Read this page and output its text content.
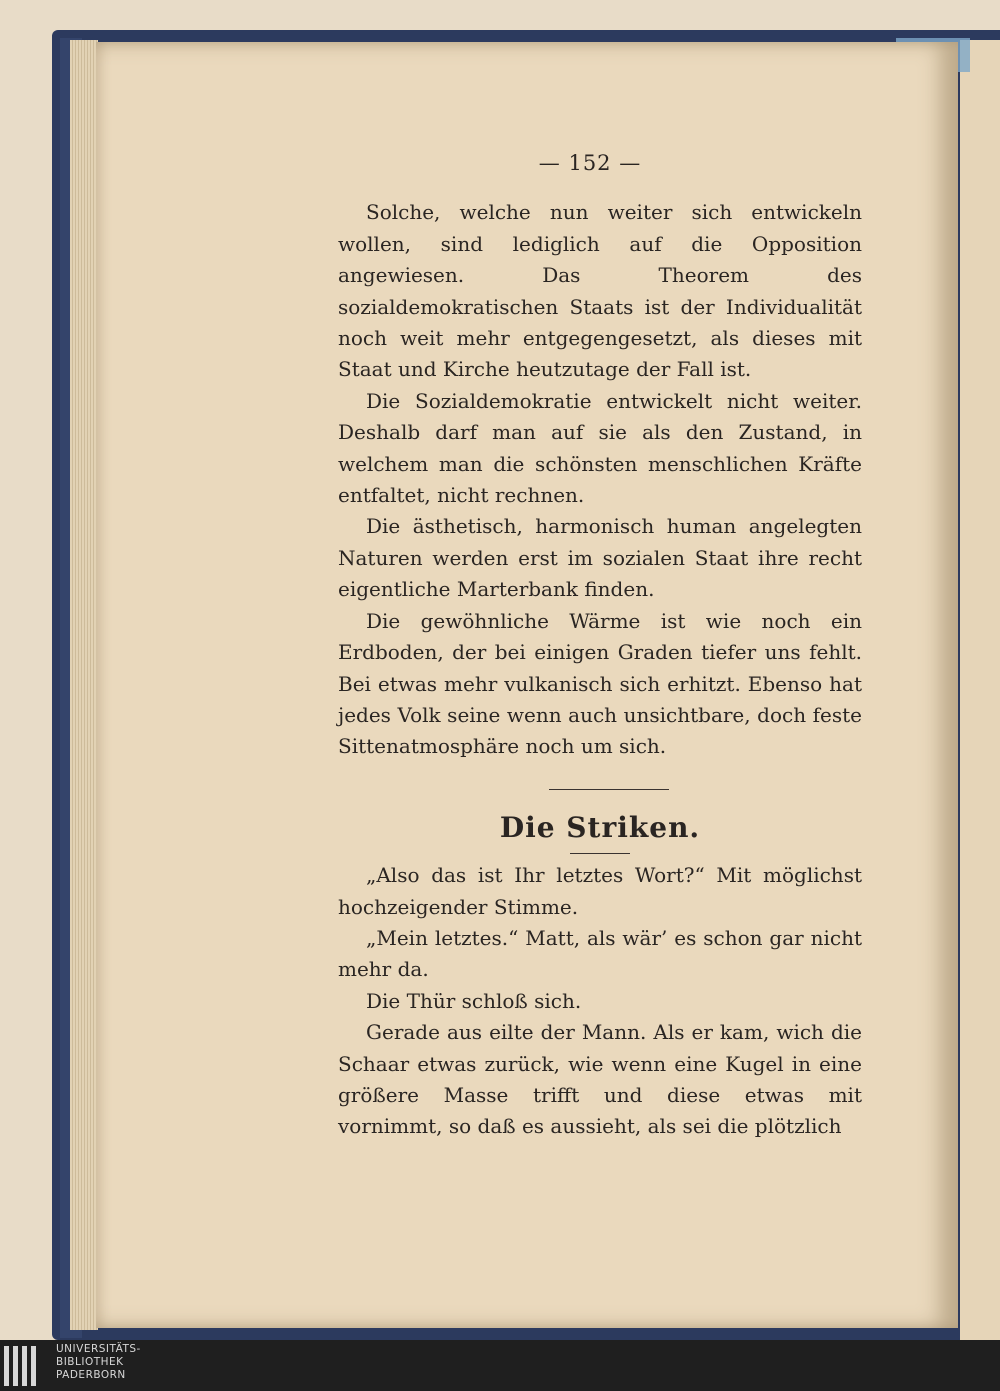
— 152 —

Solche, welche nun weiter sich entwickeln wollen, sind lediglich auf die Opposition angewiesen. Das Theorem des sozialdemokratischen Staats ist der Individualität noch weit mehr entgegengesetzt, als dieses mit Staat und Kirche heutzutage der Fall ist.

Die Sozialdemokratie entwickelt nicht weiter. Deshalb darf man auf sie als den Zustand, in welchem man die schönsten menschlichen Kräfte entfaltet, nicht rechnen.

Die ästhetisch, harmonisch human angelegten Naturen werden erst im sozialen Staat ihre recht eigentliche Marterbank finden.

Die gewöhnliche Wärme ist wie noch ein Erdboden, der bei einigen Graden tiefer uns fehlt. Bei etwas mehr vulkanisch sich erhitzt. Ebenso hat jedes Volk seine wenn auch unsichtbare, doch feste Sittenatmosphäre noch um sich.

Die Striken.

„Also das ist Ihr letztes Wort?“ Mit möglichst hochzeigender Stimme.

„Mein letztes.“ Matt, als wär’ es schon gar nicht mehr da.

Die Thür schloß sich.

Gerade aus eilte der Mann. Als er kam, wich die Schaar etwas zurück, wie wenn eine Kugel in eine größere Masse trifft und diese etwas mit vornimmt, so daß es aussieht, als sei die plötzlich

UNIVERSITÄTS-
BIBLIOTHEK
PADERBORN
